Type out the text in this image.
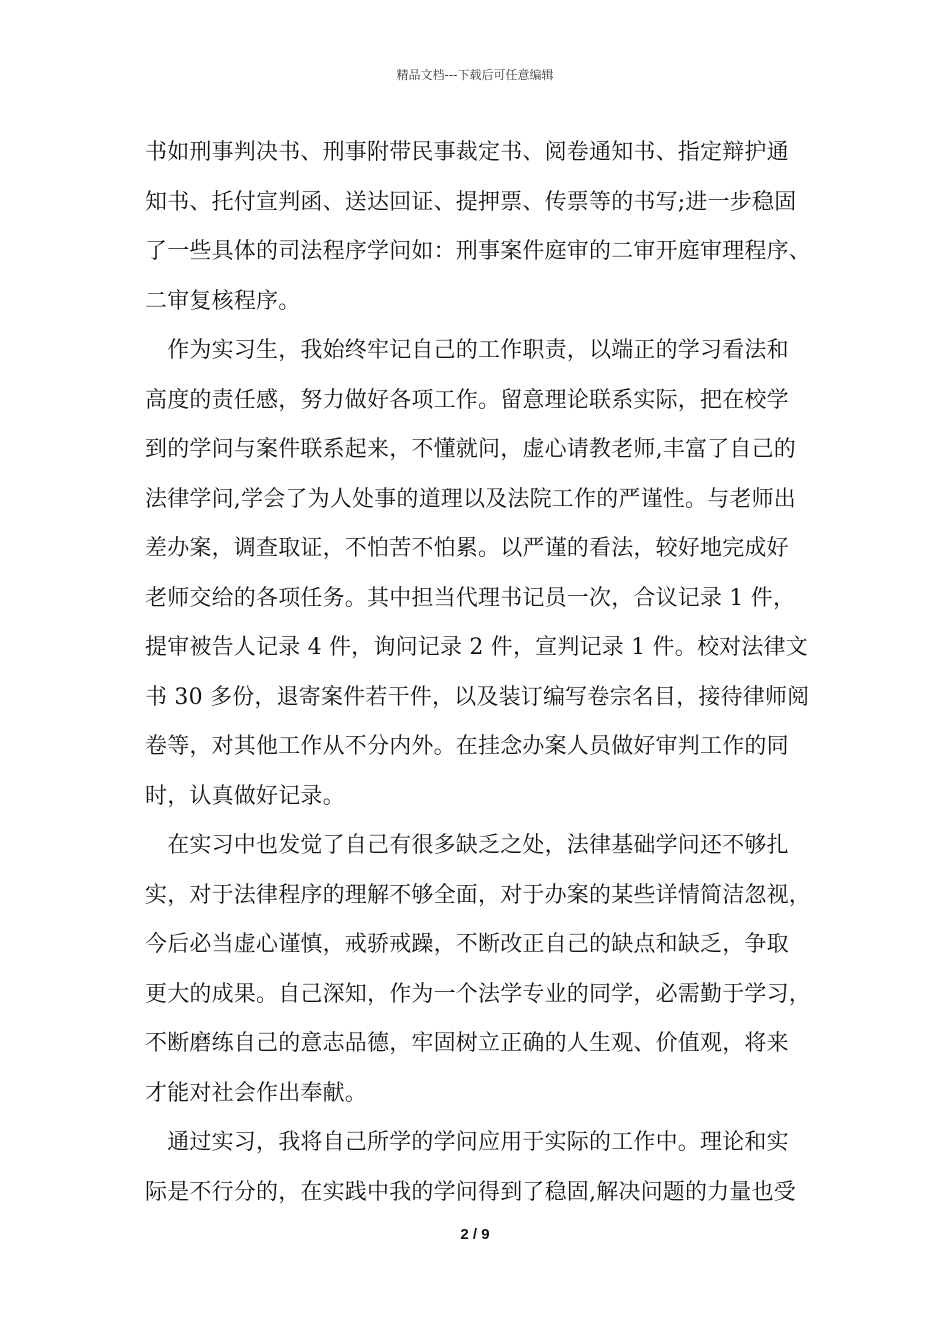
精品文档---下载后可任意编辑
书如刑事判决书、刑事附带民事裁定书、阅卷通知书、指定辩护通
知书、托付宣判函、送达回证、提押票、传票等的书写;进一步稳固
了一些具体的司法程序学问如：刑事案件庭审的二审开庭审理程序、
二审复核程序。
　作为实习生，我始终牢记自己的工作职责，以端正的学习看法和
高度的责任感，努力做好各项工作。留意理论联系实际，把在校学
到的学问与案件联系起来，不懂就问，虚心请教老师,丰富了自己的
法律学问,学会了为人处事的道理以及法院工作的严谨性。与老师出
差办案，调查取证，不怕苦不怕累。以严谨的看法，较好地完成好
老师交给的各项任务。其中担当代理书记员一次，合议记录 1 件，
提审被告人记录 4 件，询问记录 2 件，宣判记录 1 件。校对法律文
书 30 多份，退寄案件若干件，以及装订编写卷宗名目，接待律师阅
卷等，对其他工作从不分内外。在挂念办案人员做好审判工作的同
时，认真做好记录。
　在实习中也发觉了自己有很多缺乏之处，法律基础学问还不够扎
实，对于法律程序的理解不够全面，对于办案的某些详情简洁忽视，
今后必当虚心谨慎，戒骄戒躁，不断改正自己的缺点和缺乏，争取
更大的成果。自己深知，作为一个法学专业的同学，必需勤于学习，
不断磨练自己的意志品德，牢固树立正确的人生观、价值观，将来
才能对社会作出奉献。
　通过实习，我将自己所学的学问应用于实际的工作中。理论和实
际是不行分的，在实践中我的学问得到了稳固,解决问题的力量也受
2 / 9
